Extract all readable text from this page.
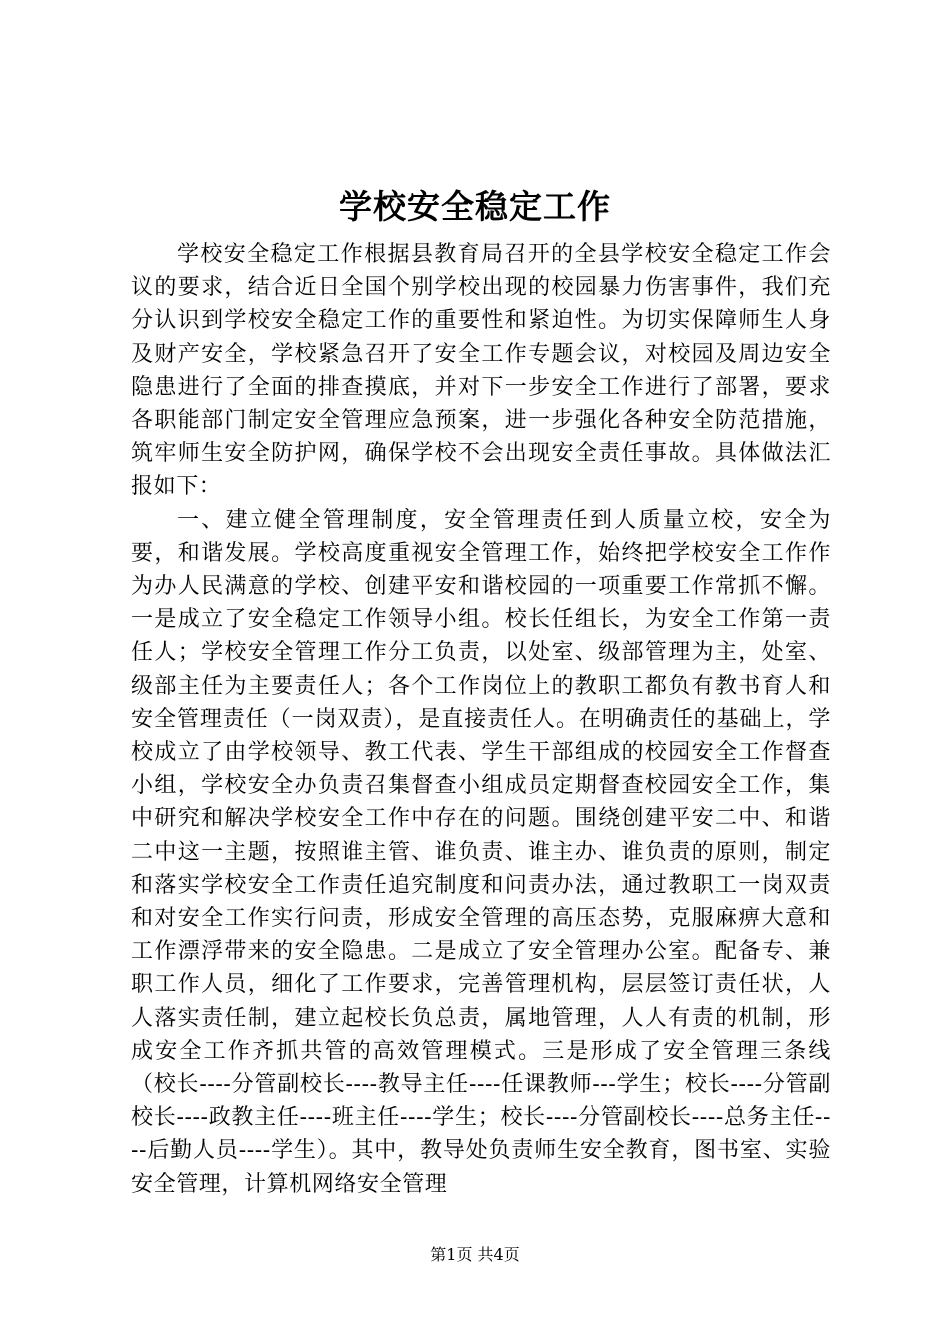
学校安全稳定工作

学校安全稳定工作根据县教育局召开的全县学校安全稳定工作会议的要求，结合近日全国个别学校出现的校园暴力伤害事件，我们充分认识到学校安全稳定工作的重要性和紧迫性。为切实保障师生人身及财产安全，学校紧急召开了安全工作专题会议，对校园及周边安全隐患进行了全面的排查摸底，并对下一步安全工作进行了部署，要求各职能部门制定安全管理应急预案，进一步强化各种安全防范措施，筑牢师生安全防护网，确保学校不会出现安全责任事故。具体做法汇报如下：

一、建立健全管理制度，安全管理责任到人质量立校，安全为要，和谐发展。学校高度重视安全管理工作，始终把学校安全工作作为办人民满意的学校、创建平安和谐校园的一项重要工作常抓不懈。一是成立了安全稳定工作领导小组。校长任组长，为安全工作第一责任人；学校安全管理工作分工负责，以处室、级部管理为主，处室、级部主任为主要责任人；各个工作岗位上的教职工都负有教书育人和安全管理责任（一岗双责），是直接责任人。在明确责任的基础上，学校成立了由学校领导、教工代表、学生干部组成的校园安全工作督查小组，学校安全办负责召集督查小组成员定期督查校园安全工作，集中研究和解决学校安全工作中存在的问题。围绕创建平安二中、和谐二中这一主题，按照谁主管、谁负责、谁主办、谁负责的原则，制定和落实学校安全工作责任追究制度和问责办法，通过教职工一岗双责和对安全工作实行问责，形成安全管理的高压态势，克服麻痹大意和工作漂浮带来的安全隐患。二是成立了安全管理办公室。配备专、兼职工作人员，细化了工作要求，完善管理机构，层层签订责任状，人人落实责任制，建立起校长负总责，属地管理，人人有责的机制，形成安全工作齐抓共管的高效管理模式。三是形成了安全管理三条线（校长----分管副校长----教导主任----任课教师---学生；校长----分管副校长----政教主任----班主任----学生；校长----分管副校长----总务主任----后勤人员----学生）。其中，教导处负责师生安全教育，图书室、实验安全管理，计算机网络安全管理

第1页 共4页
